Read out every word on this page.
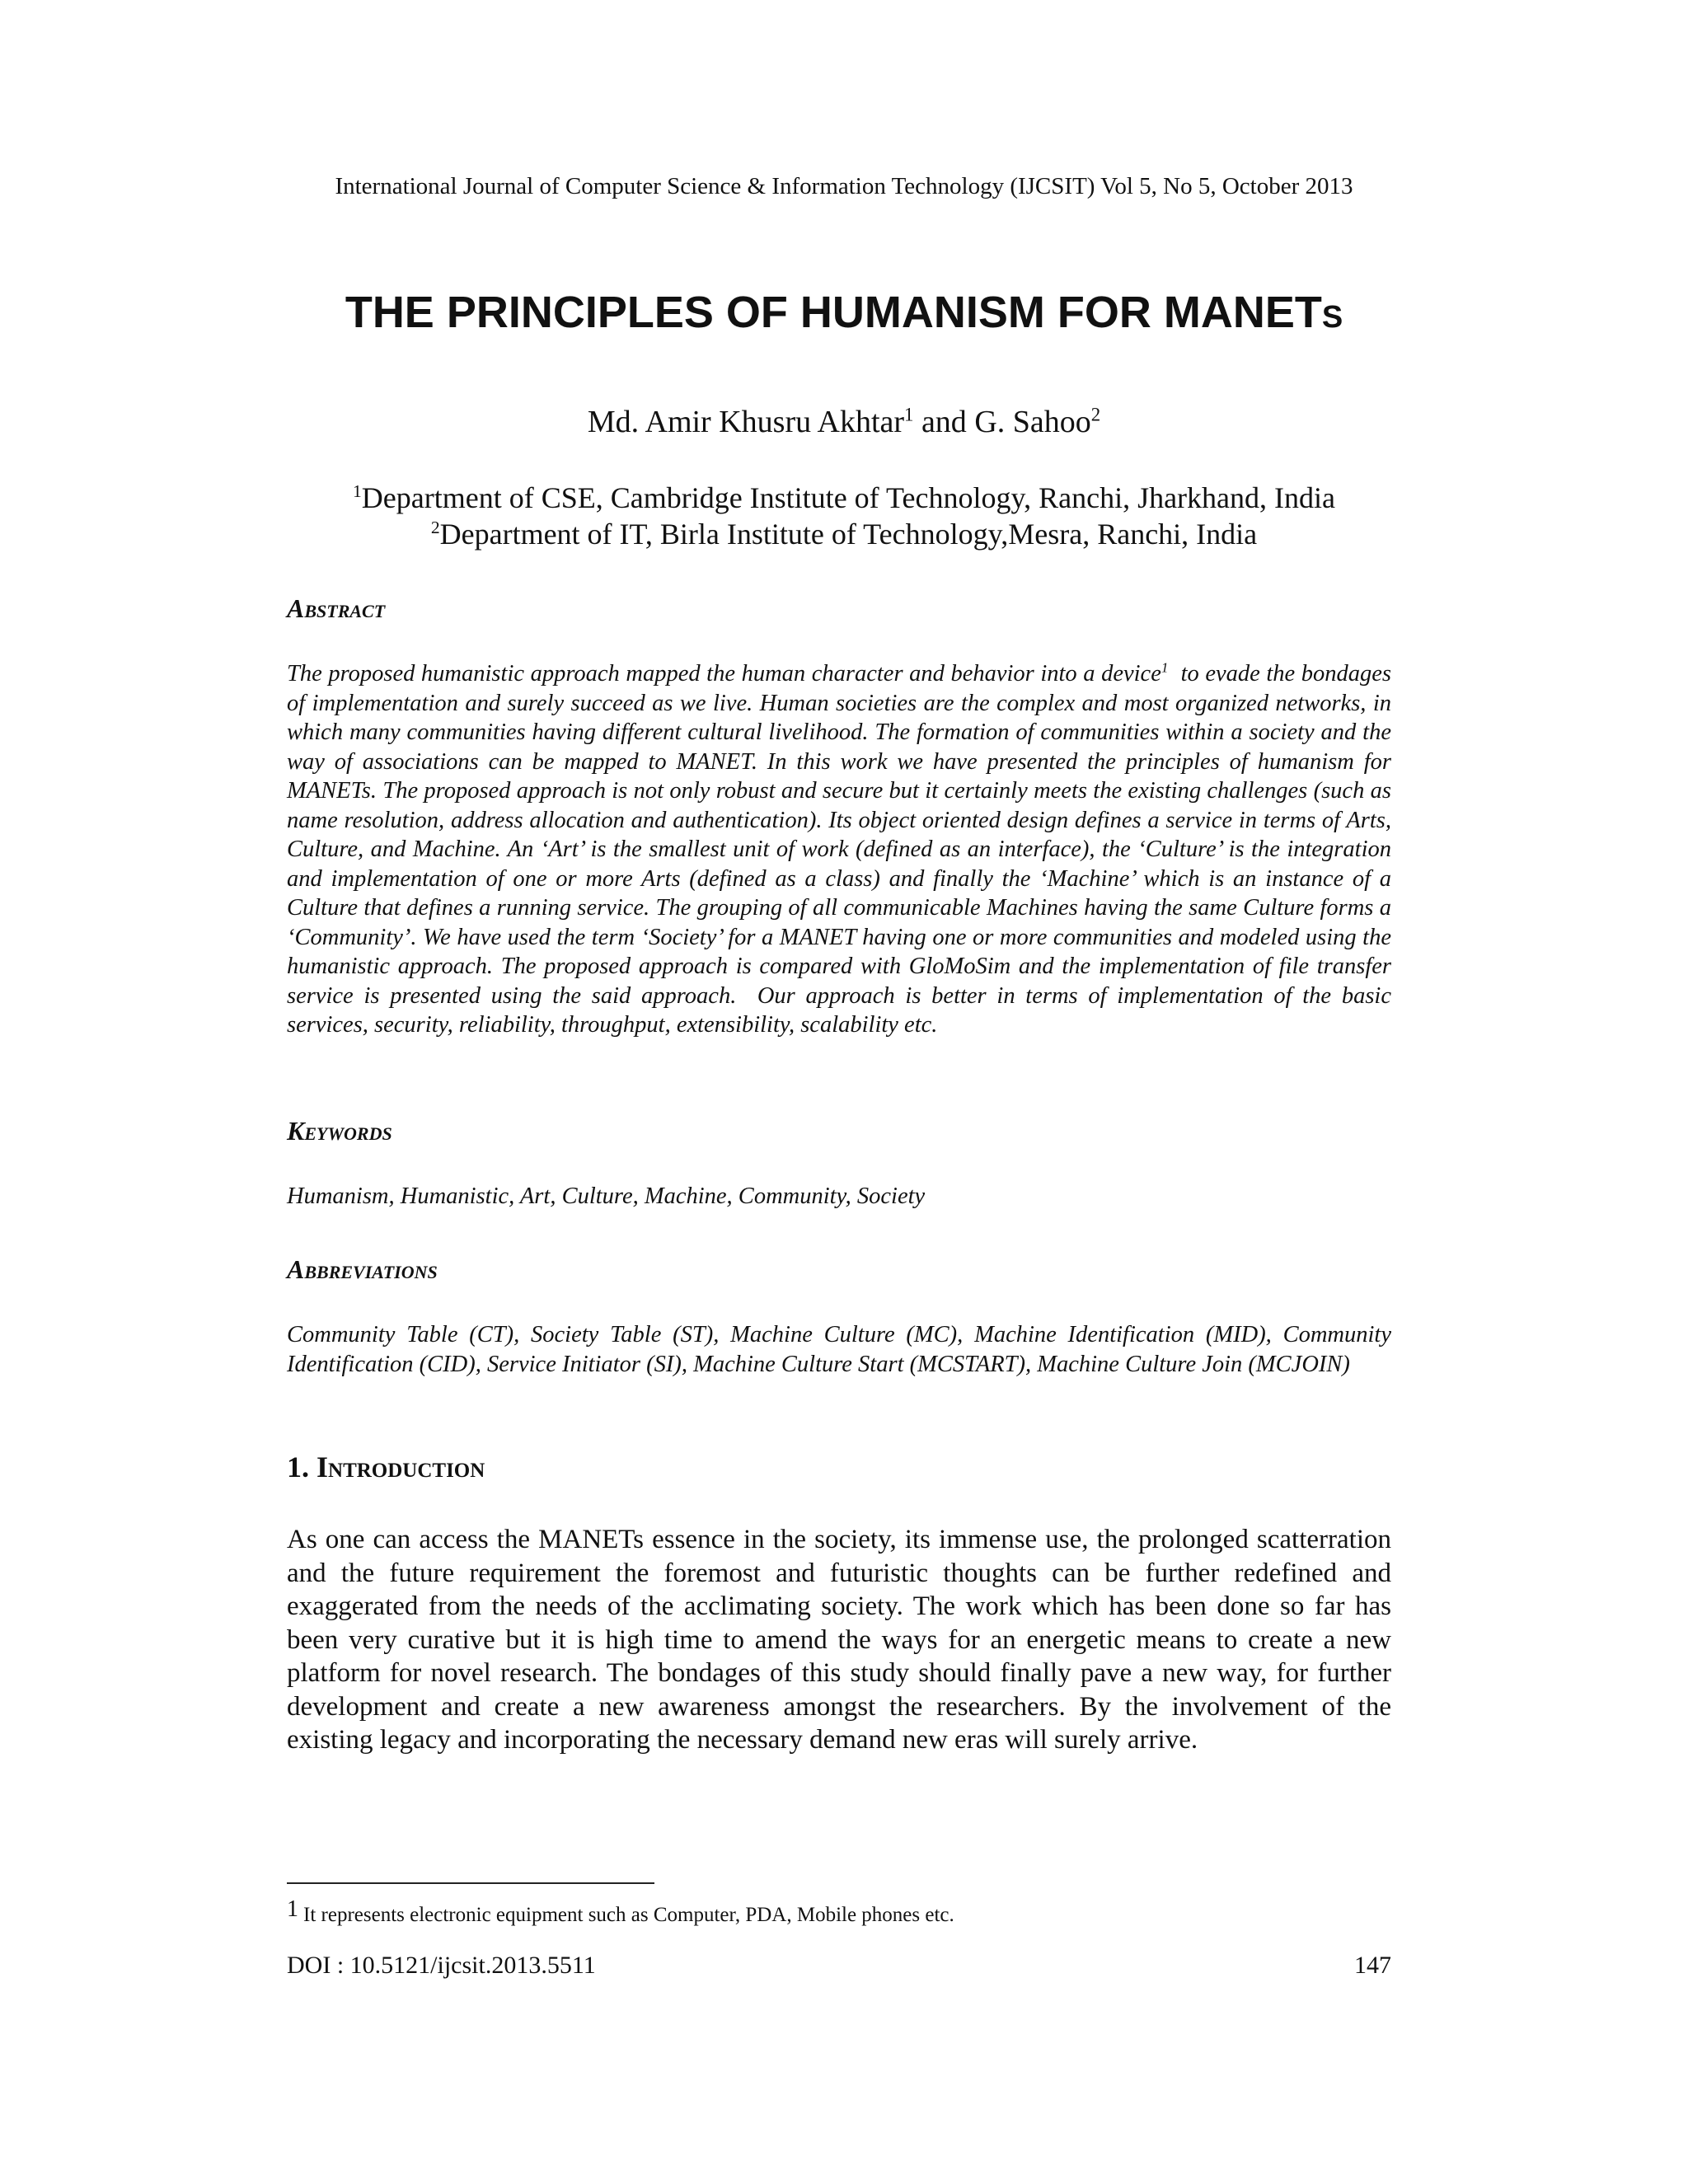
International Journal of Computer Science & Information Technology (IJCSIT) Vol 5, No 5, October 2013
THE PRINCIPLES OF HUMANISM FOR MANETs
Md. Amir Khusru Akhtar$^1$ and G. Sahoo$^2$
$^1$Department of CSE, Cambridge Institute of Technology, Ranchi, Jharkhand, India
$^2$Department of IT, Birla Institute of Technology,Mesra, Ranchi, India
Abstract
The proposed humanistic approach mapped the human character and behavior into a device$^1$  to evade the bondages of implementation and surely succeed as we live. Human societies are the complex and most organized networks, in which many communities having different cultural livelihood. The formation of communities within a society and the way of associations can be mapped to MANET. In this work we have presented the principles of humanism for MANETs. The proposed approach is not only robust and secure but it certainly meets the existing challenges (such as name resolution, address allocation and authentication). Its object oriented design defines a service in terms of Arts, Culture, and Machine. An ‘Art’ is the smallest unit of work (defined as an interface), the ‘Culture’ is the integration and implementation of one or more Arts (defined as a class) and finally the ‘Machine’ which is an instance of a Culture that defines a running service. The grouping of all communicable Machines having the same Culture forms a ‘Community’. We have used the term ‘Society’ for a MANET having one or more communities and modeled using the humanistic approach. The proposed approach is compared with GloMoSim and the implementation of file transfer service is presented using the said approach.  Our approach is better in terms of implementation of the basic services, security, reliability, throughput, extensibility, scalability etc.
Keywords
Humanism, Humanistic, Art, Culture, Machine, Community, Society
Abbreviations
Community Table (CT), Society Table (ST), Machine Culture (MC), Machine Identification (MID), Community Identification (CID), Service Initiator (SI), Machine Culture Start (MCSTART), Machine Culture Join (MCJOIN)
1. Introduction
As one can access the MANETs essence in the society, its immense use, the prolonged scatterration and the future requirement the foremost and futuristic thoughts can be further redefined and exaggerated from the needs of the acclimating society. The work which has been done so far has been very curative but it is high time to amend the ways for an energetic means to create a new platform for novel research. The bondages of this study should finally pave a new way, for further development and create a new awareness amongst the researchers. By the involvement of the existing legacy and incorporating the necessary demand new eras will surely arrive.
1 It represents electronic equipment such as Computer, PDA, Mobile phones etc.
DOI : 10.5121/ijcsit.2013.5511	147
